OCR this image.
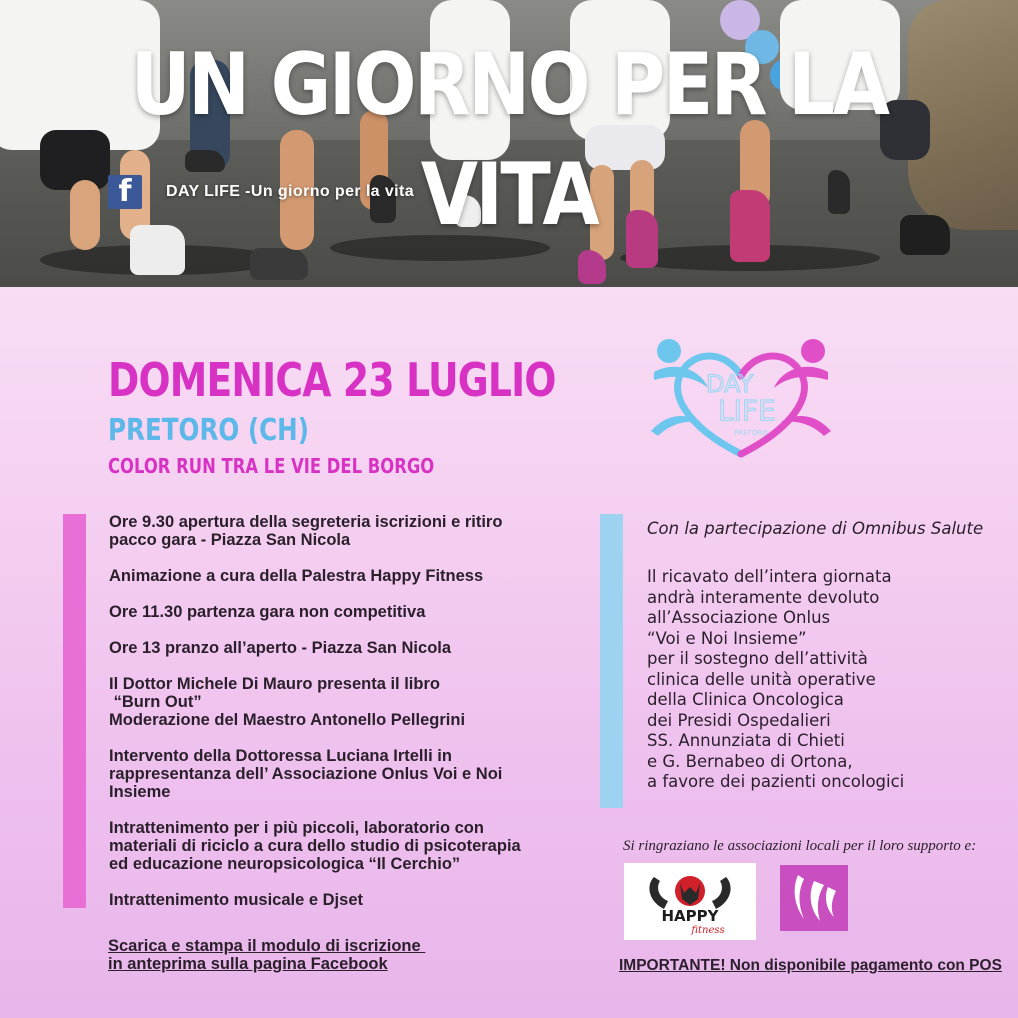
UN GIORNO PER LA VITA
f	DAY LIFE -Un giorno per la vita
DOMENICA 23 LUGLIO
PRETORO (CH)
COLOR RUN TRA LE VIE DEL BORGO
DAY
LIFE
PRETORO
Ore 9.30 apertura della segreteria iscrizioni e ritiro
pacco gara - Piazza San Nicola
Animazione a cura della Palestra Happy Fitness
Ore 11.30 partenza gara non competitiva
Ore 13 pranzo all’aperto - Piazza San Nicola
Il Dottor Michele Di Mauro presenta il libro
“Burn Out”
Moderazione del Maestro Antonello Pellegrini
Intervento della Dottoressa Luciana Irtelli in
rappresentanza dell’ Associazione Onlus Voi e Noi
Insieme
Intrattenimento per i più piccoli, laboratorio con
materiali di riciclo a cura dello studio di psicoterapia
ed educazione neuropsicologica “Il Cerchio”
Intrattenimento musicale e Djset

Con la partecipazione di Omnibus Salute

Il ricavato dell’intera giornata
andrà interamente devoluto
all’Associazione Onlus
“Voi e Noi Insieme”
per il sostegno dell’attività
clinica delle unità operative
della Clinica Oncologica
dei Presidi Ospedalieri
SS. Annunziata di Chieti
e G. Bernabeo di Ortona,
a favore dei pazienti oncologici

Si ringraziano le associazioni locali per il loro supporto e:

HAPPY
fitness
Scarica e stampa il modulo di iscrizione
in anteprima sulla pagina Facebook	IMPORTANTE! Non disponibile pagamento con POS
